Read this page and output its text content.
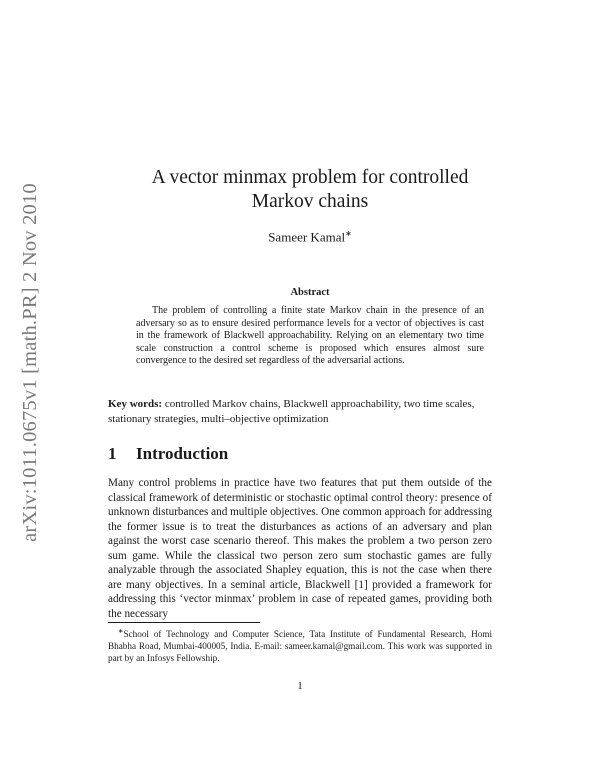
arXiv:1011.0675v1 [math.PR] 2 Nov 2010
A vector minmax problem for controlled
Markov chains
Sameer Kamal∗
Abstract

The problem of controlling a finite state Markov chain in the presence of an adversary so as to ensure desired performance levels for a vector of objectives is cast in the framework of Blackwell approachability. Relying on an elementary two time scale construction a control scheme is proposed which ensures almost sure convergence to the desired set regardless of the adversarial actions.

Key words: controlled Markov chains, Blackwell approachability, two time scales, stationary strategies, multi–objective optimization

1 Introduction

Many control problems in practice have two features that put them outside of the classical framework of deterministic or stochastic optimal control theory: presence of unknown disturbances and multiple objectives. One common approach for addressing the former issue is to treat the disturbances as actions of an adversary and plan against the worst case scenario thereof. This makes the problem a two person zero sum game. While the classical two person zero sum stochastic games are fully analyzable through the associated Shapley equation, this is not the case when there are many objectives. In a seminal article, Blackwell [1] provided a framework for addressing this ‘vector minmax’ problem in case of repeated games, providing both the necessary

∗School of Technology and Computer Science, Tata Institute of Fundamental Research, Homi Bhabha Road, Mumbai-400005, India. E-mail: sameer.kamal@gmail.com. This work was supported in part by an Infosys Fellowship.

1
